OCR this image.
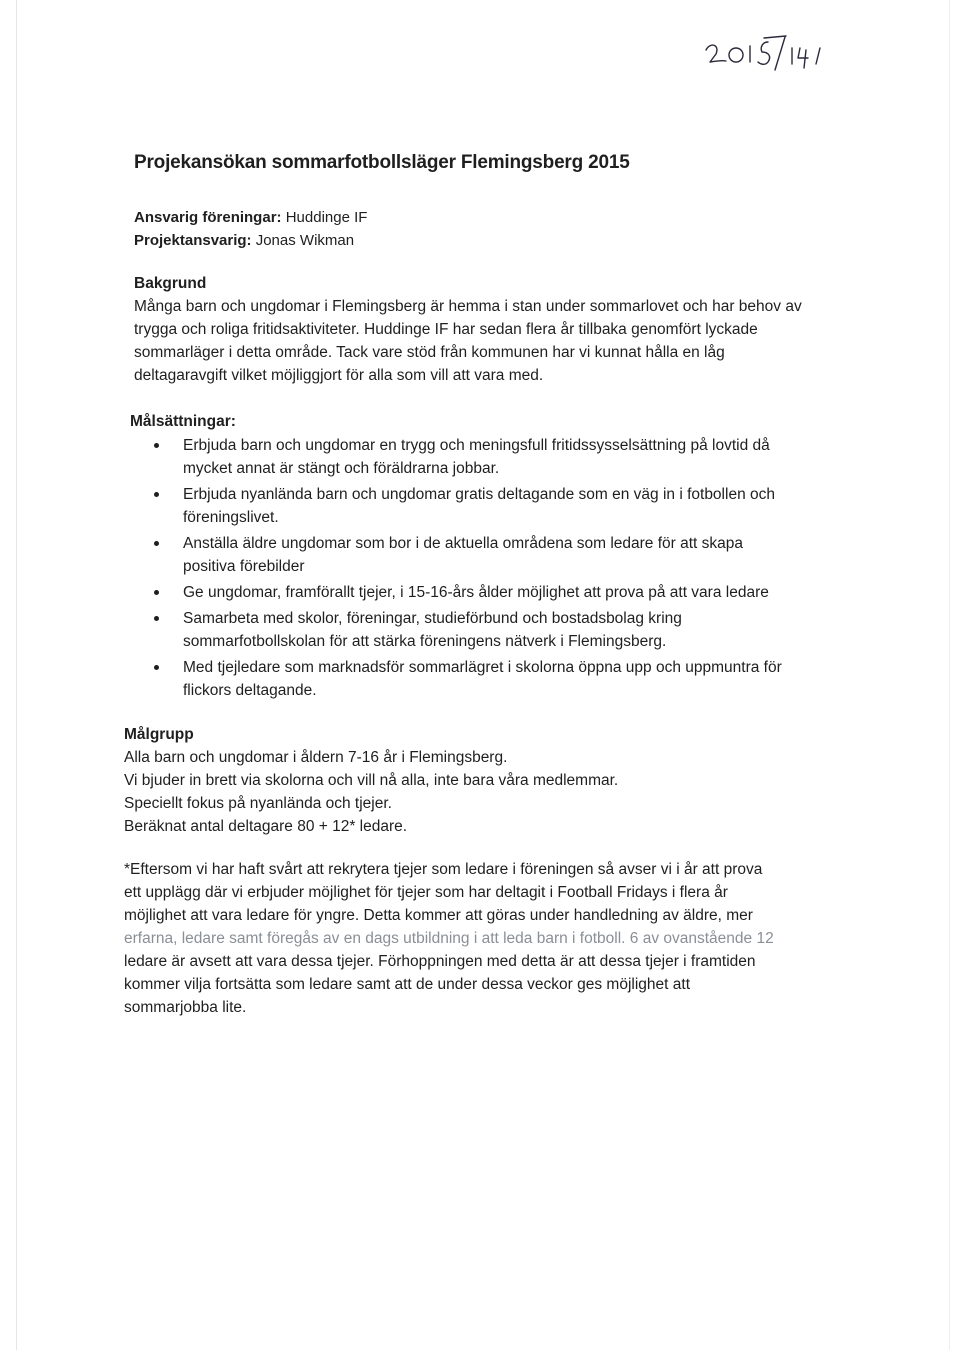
Projekansökan sommarfotbollsläger Flemingsberg 2015
Ansvarig föreningar: Huddinge IF
Projektansvarig: Jonas Wikman

Bakgrund

Många barn och ungdomar i Flemingsberg är hemma i stan under sommarlovet och har behov av

trygga och roliga fritidsaktiviteter. Huddinge IF har sedan flera år tillbaka genomfört lyckade

sommarläger i detta område. Tack vare stöd från kommunen har vi kunnat hålla en låg

deltagaravgift vilket möjliggjort för alla som vill att vara med.

Målsättningar:

Erbjuda barn och ungdomar en trygg och meningsfull fritidssysselsättning på lovtid då
mycket annat är stängt och föräldrarna jobbar.
Erbjuda nyanlända barn och ungdomar gratis deltagande som en väg in i fotbollen och
föreningslivet.
Anställa äldre ungdomar som bor i de aktuella områdena som ledare för att skapa
positiva förebilder
Ge ungdomar, framförallt tjejer, i 15-16-års ålder möjlighet att prova på att vara ledare
Samarbeta med skolor, föreningar, studieförbund och bostadsbolag kring
sommarfotbollskolan för att stärka föreningens nätverk i Flemingsberg.
Med tjejledare som marknadsför sommarlägret i skolorna öppna upp och uppmuntra för
flickors deltagande.

Målgrupp

Alla barn och ungdomar i åldern 7-16 år i Flemingsberg.

Vi bjuder in brett via skolorna och vill nå alla, inte bara våra medlemmar.

Speciellt fokus på nyanlända och tjejer.

Beräknat antal deltagare 80 + 12* ledare.

*Eftersom vi har haft svårt att rekrytera tjejer som ledare i föreningen så avser vi i år att prova
ett upplägg där vi erbjuder möjlighet för tjejer som har deltagit i Football Fridays i flera år
möjlighet att vara ledare för yngre. Detta kommer att göras under handledning av äldre, mer
erfarna, ledare samt föregås av en dags utbildning i att leda barn i fotboll. 6 av ovanstående 12
ledare är avsett att vara dessa tjejer. Förhoppningen med detta är att dessa tjejer i framtiden
kommer vilja fortsätta som ledare samt att de under dessa veckor ges möjlighet att
sommarjobba lite.
